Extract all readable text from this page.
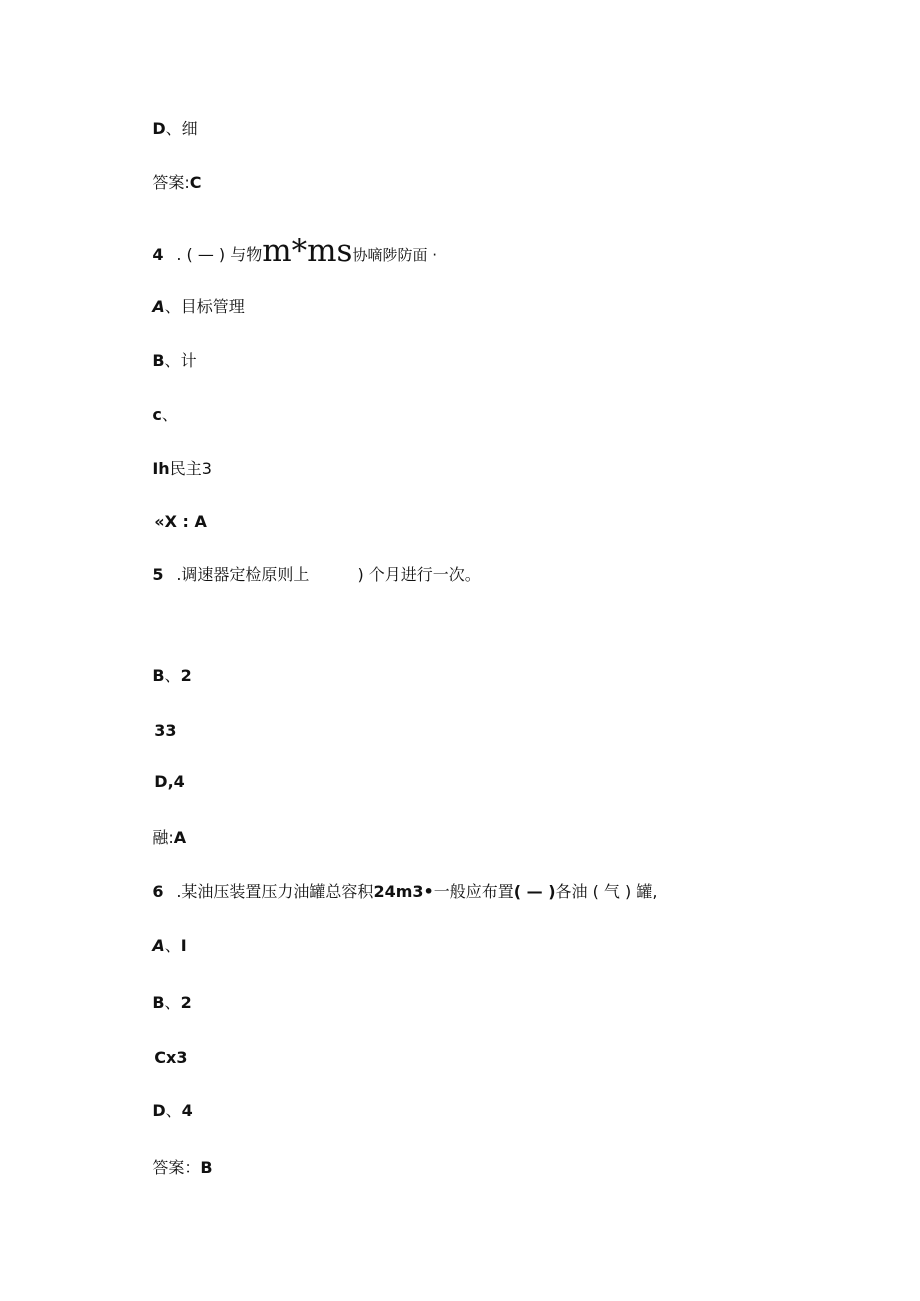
D、细

答案:C

4 . ( — ) 与物m*ms协嘀陟防面 ·

A、目标管理

B、计

c、

Ih民主3

«X : A

5 .调速器定检原则上	) 个月进行一次。

B、2

33

D,4

融:A

6 .某油压装置压力油罐总容积24m3•一般应布置( — )各油 ( 气 ) 罐,

A、I

B、2

Cx3

D、4

答案：B
